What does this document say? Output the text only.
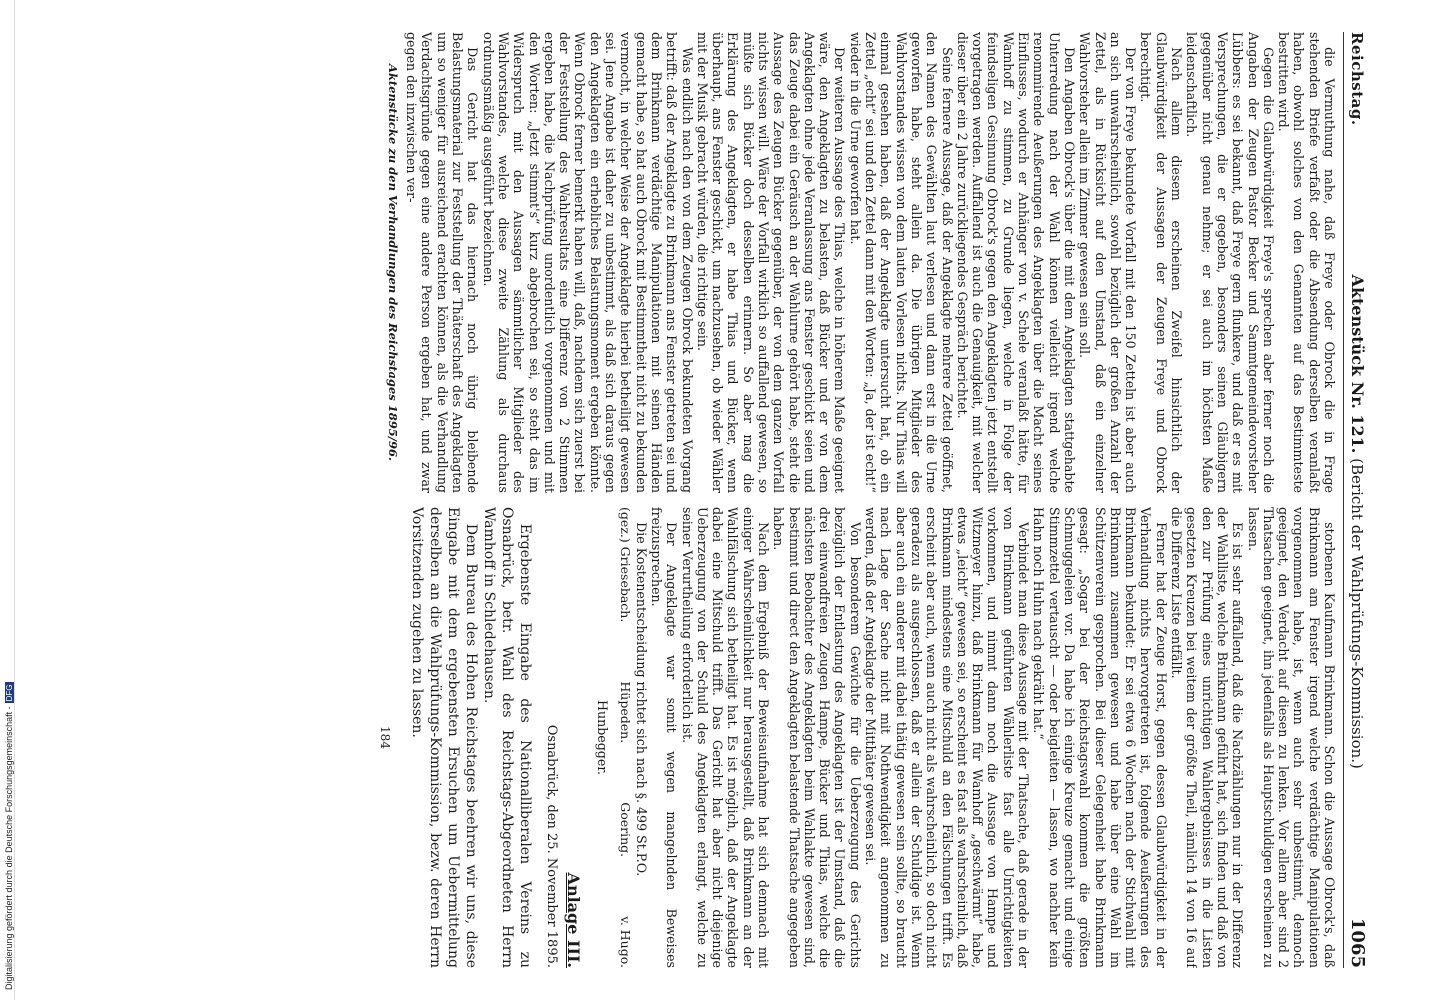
Digitalisierung gefördert durch die Deutsche Forschungsgemeinschaft -DFG
Reichstag.
Aktenstück Nr. 121. (Bericht der Wahlprüfungs-Kommission.)
1065

die Vermuthung nahe, daß Freye oder Obrock die in Frage stehenden Briefe verfaßt oder die Absendung derselben veranlaßt haben, obwohl solches von den Genannten auf das Bestimmteste bestritten wird.

Gegen die Glaubwürdigkeit Freye's sprechen aber ferner noch die Angaben der Zeugen Pastor Becker und Sammtgemeindevorsteher Lübbers: es sei bekannt, daß Freye gern flunkere, und daß er es mit Versprechungen, die er gegeben, besonders seinen Gläubigern gegenüber nicht genau nehme; er sei auch im höchsten Maße leidenschaftlich.

Nach allem diesem erscheinen Zweifel hinsichtlich der Glaubwürdigkeit der Aussagen der Zeugen Freye und Obrock berechtigt.

Der von Freye bekundete Vorfall mit den 150 Zetteln ist aber auch an sich unwahrscheinlich, sowohl bezüglich der großen Anzahl der Zettel, als in Rücksicht auf den Umstand, daß ein einzelner Wahlvorsteher allein im Zimmer gewesen sein soll.

Den Angaben Obrock's über die mit dem Angeklagten stattgehabte Unterredung nach der Wahl können vielleicht irgend welche renommirende Aeußerungen des Angeklagten über die Macht seines Einflusses, wodurch er Anhänger von v. Schele veranlaßt hätte, für Wamhoff zu stimmen, zu Grunde liegen, welche in Folge der feindseligen Gesinnung Obrock's gegen den Angeklagten jetzt entstellt vorgetragen werden. Auffallend ist auch die Genauigkeit, mit welcher dieser über ein 2 Jahre zurückliegendes Gespräch berichtet.

Seine fernere Aussage, daß der Angeklagte mehrere Zettel geöffnet, den Namen des Gewählten laut verlesen und dann erst in die Urne geworfen habe, steht allein da. Die übrigen Mitglieder des Wahlvorstandes wissen von dem lauten Vorlesen nichts. Nur Thias will einmal gesehen haben, daß der Angeklagte untersucht hat, ob ein Zettel „echt“ sei und den Zettel dann mit den Worten: „Ja, der ist echt!“ wieder in die Urne geworfen hat.

Der weiteren Aussage des Thias, welche in höherem Maße geeignet wäre, den Angeklagten zu belasten, daß Bücker und er von dem Angeklagten ohne jede Veranlassung ans Fenster geschickt seien und das Zeuge dabei ein Geräusch an der Wahlurne gehört habe, steht die Aussage des Zeugen Bücker gegenüber, der von dem ganzen Vorfall nichts wissen will. Wäre der Vorfall wirklich so auffallend gewesen, so müßte sich Bücker doch desselben erinnern. So aber mag die Erklärung des Angeklagten, er habe Thias und Bücker, wenn überhaupt, ans Fenster geschickt, um nachzusehen, ob wieder Wähler mit der Musik gebracht würden, die richtige sein.

Was endlich nach den von dem Zeugen Obrock bekundeten Vorgang betrifft: daß der Angeklagte zu Brinkmann ans Fenster getreten sei und dem Brinkmann verdächtige Manipulationen mit seinen Händen gemacht habe, so hat auch Obrock mit Bestimmtheit nicht zu bekunden vermocht, in welcher Weise der Angeklagte hierbei betheiligt gewesen sei. Jene Angabe ist daher zu unbestimmt, als daß sich daraus gegen den Angeklagten ein erhebliches Belastungsmoment ergeben könnte. Wenn Obrock ferner bemerkt haben will, daß, nachdem sich zuerst bei der Feststellung des Wahlresultats eine Differenz von 2 Stimmen ergeben habe, die Nachprüfung unordentlich vorgenommen und mit den Worten: „Jetzt stimmt's“ kurz abgebrochen sei, so steht das im Widerspruch mit den Aussagen sämmtlicher Mitglieder des Wahlvorstandes, welche diese zweite Zählung als durchaus ordnungsmäßig ausgeführt bezeichnen.

Das Gericht hat das hiernach noch übrig bleibende Belastungsmaterial zur Feststellung der Thäterschaft des Angeklagten um so weniger für ausreichend erachten können, als die Verhandlung Verdachtsgründe gegen eine andere Person ergeben hat, und zwar gegen den inzwischen ver-

Aktenstücke zu den Verhandlungen des Reichstages 1895/96.

storbenen Kaufmann Brinkmann. Schon die Aussage Obrock's, daß Brinkmann am Fenster irgend welche verdächtige Manipulationen vorgenommen habe, ist, wenn auch sehr unbestimmt, dennoch geeignet, den Verdacht auf diesen zu lenken. Vor allem aber sind 2 Thatsachen geeignet, ihn jedenfalls als Hauptschuldigen erscheinen zu lassen.

Es ist sehr auffallend, daß die Nachzählungen nur in der Differenz der Wahlliste, welche Brinkmann geführt hat, sich finden und daß von den zur Prüfung eines unrichtigen Wahlergebnisses in die Listen gesetzten Kreuzen bei weitem der größte Theil, nämlich 14 von 16 auf die Differenz Liste entfällt.

Ferner hat der Zeuge Horst, gegen dessen Glaubwürdigkeit in der Verhandlung nichts hervorgetreten ist, folgende Aeußerungen des Brinkmann bekundet: Er sei etwa 6 Wochen nach der Stichwahl mit Brinkmann zusammen gewesen und habe über eine Wahl im Schützenverein gesprochen. Bei dieser Gelegenheit habe Brinkmann gesagt: „Sogar bei der Reichstagswahl kommen die größten Schmuggeleien vor. Da habe ich einige Kreuze gemacht und einige Stimmzettel vertauscht — oder beigleiten — lassen, wo nachher kein Hahn noch Huhn nach gekräht hat.“

Verbindet man diese Aussage mit der Thatsache, daß gerade in der von Brinkmann geführten Wählerliste fast alle Unrichtigkeiten vorkommen, und nimmt dann noch die Aussage von Hampe und Witzmeyer hinzu, daß Brinkmann für Wamhoff „geschwärmt“ habe, etwas „leicht“ gewesen sei, so erscheint es fast als wahrscheinlich, daß Brinkmann mindestens eine Mitschuld an den Fälschungen trifft. Es erscheint aber auch, wenn auch nicht als wahrscheinlich, so doch nicht geradezu als ausgeschlossen, daß er allein der Schuldige ist. Wenn aber auch ein anderer mit dabei thätig gewesen sein sollte, so braucht nach Lage der Sache nicht mit Nothwendigkeit angenommen zu werden, daß der Angeklagte der Mitthäter gewesen sei.

Von besonderem Gewichte für die Ueberzeugung des Gerichts bezüglich der Entlastung des Angeklagten ist der Umstand, daß die drei einwandfreien Zeugen Hampe, Bücker und Thias, welche die nächsten Beobachter des Angeklagten beim Wahlakte gewesen sind, bestimmt und direct den Angeklagten belastende Thatsache angegeben haben.

Nach dem Ergebniß der Beweisaufnahme hat sich demnach mit einiger Wahrscheinlichkeit nur herausgestellt, daß Brinkmann an der Wahlfälschung sich betheiligt hat. Es ist möglich, daß der Angeklagte dabei eine Mitschuld trifft. Das Gericht hat aber nicht diejenige Ueberzeugung von der Schuld des Angeklagten erlangt, welche zu seiner Verurtheilung erforderlich ist.

Der Angeklagte war somit wegen mangelnden Beweises freizusprechen.

Die Kostenentscheidung richtet sich nach §. 499 St.P.O.

(gez.) Griesebach.
Hüpeden.
Goering.
v. Hugo.
Hunbegger.
Anlage III.
Osnabrück, den 25. November 1895.

Ergebenste Eingabe des Nationalliberalen Vereins zu Osnabrück, betr. Wahl des Reichstags-Abgeordneten Herrn Wamhoff in Schledehausen.

Dem Bureau des Hohen Reichstages beehren wir uns, diese Eingabe mit dem ergebensten Ersuchen um Uebermittelung derselben an die Wahlprüfungs-Kommission, bezw. deren Herrn Vorsitzenden zugehen zu lassen.

184
